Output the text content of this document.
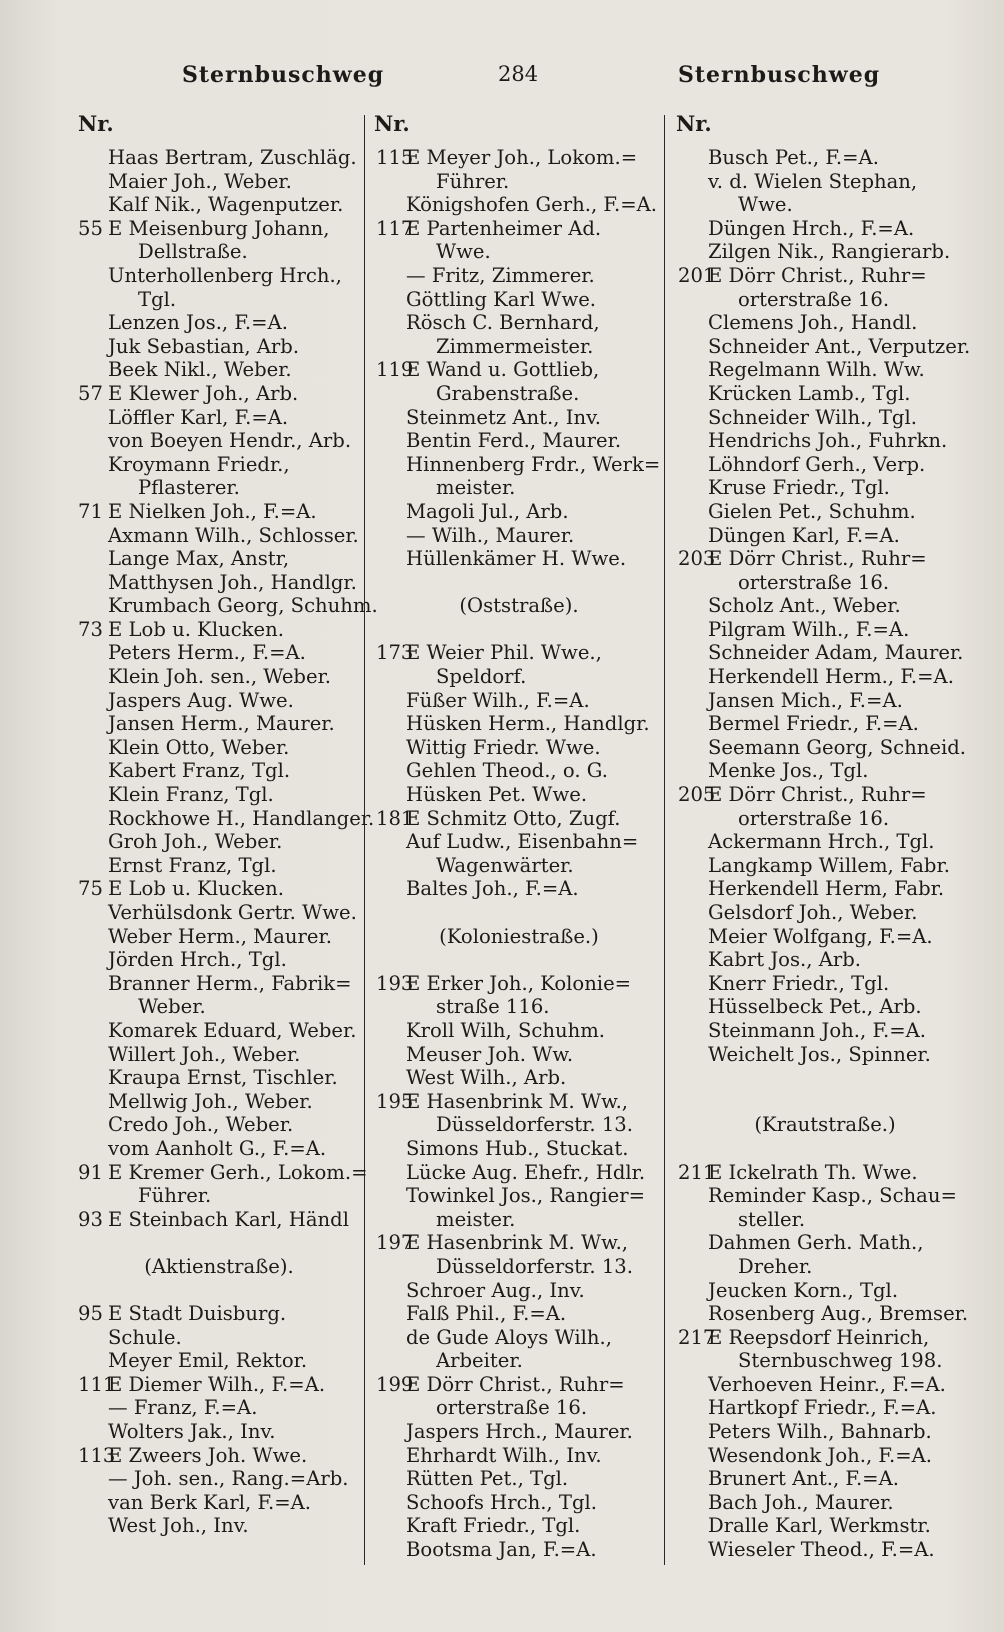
Sternbuschweg	284	Sternbuschweg
Nr.
Haas Bertram, Zuschläg.
Maier Joh., Weber.
Kalf Nik., Wagenputzer.
55 E Meisenburg Johann,
Dellstraße.
Unterhollenberg Hrch.,
Tgl.
Lenzen Jos., F.=A.
Juk Sebastian, Arb.
Beek Nikl., Weber.
57 E Klewer Joh., Arb.
Löffler Karl, F.=A.
von Boeyen Hendr., Arb.
Kroymann Friedr.,
Pflasterer.
71 E Nielken Joh., F.=A.
Axmann Wilh., Schlosser.
Lange Max, Anstr,
Matthysen Joh., Handlgr.
Krumbach Georg, Schuhm.
73 E Lob u. Klucken.
Peters Herm., F.=A.
Klein Joh. sen., Weber.
Jaspers Aug. Wwe.
Jansen Herm., Maurer.
Klein Otto, Weber.
Kabert Franz, Tgl.
Klein Franz, Tgl.
Rockhowe H., Handlanger.
Groh Joh., Weber.
Ernst Franz, Tgl.
75 E Lob u. Klucken.
Verhülsdonk Gertr. Wwe.
Weber Herm., Maurer.
Jörden Hrch., Tgl.
Branner Herm., Fabrik=
Weber.
Komarek Eduard, Weber.
Willert Joh., Weber.
Kraupa Ernst, Tischler.
Mellwig Joh., Weber.
Credo Joh., Weber.
vom Aanholt G., F.=A.
91 E Kremer Gerh., Lokom.=
Führer.
93 E Steinbach Karl, Händl
(Aktienstraße).
95 E Stadt Duisburg.
Schule.
Meyer Emil, Rektor.
111E Diemer Wilh., F.=A.
— Franz, F.=A.
Wolters Jak., Inv.
113E Zweers Joh. Wwe.
— Joh. sen., Rang.=Arb.
van Berk Karl, F.=A.
West Joh., Inv.
Nr.
115E Meyer Joh., Lokom.=
Führer.
Königshofen Gerh., F.=A.
117E Partenheimer Ad.
Wwe.
— Fritz, Zimmerer.
Göttling Karl Wwe.
Rösch C. Bernhard,
Zimmermeister.
119E Wand u. Gottlieb,
Grabenstraße.
Steinmetz Ant., Inv.
Bentin Ferd., Maurer.
Hinnenberg Frdr., Werk=
meister.
Magoli Jul., Arb.
— Wilh., Maurer.
Hüllenkämer H. Wwe.
(Oststraße).
173E Weier Phil. Wwe.,
Speldorf.
Füßer Wilh., F.=A.
Hüsken Herm., Handlgr.
Wittig Friedr. Wwe.
Gehlen Theod., o. G.
Hüsken Pet. Wwe.
181E Schmitz Otto, Zugf.
Auf Ludw., Eisenbahn=
Wagenwärter.
Baltes Joh., F.=A.
(Koloniestraße.)
193E Erker Joh., Kolonie=
straße 116.
Kroll Wilh, Schuhm.
Meuser Joh. Ww.
West Wilh., Arb.
195E Hasenbrink M. Ww.,
Düsseldorferstr. 13.
Simons Hub., Stuckat.
Lücke Aug. Ehefr., Hdlr.
Towinkel Jos., Rangier=
meister.
197E Hasenbrink M. Ww.,
Düsseldorferstr. 13.
Schroer Aug., Inv.
Falß Phil., F.=A.
de Gude Aloys Wilh.,
Arbeiter.
199E Dörr Christ., Ruhr=
orterstraße 16.
Jaspers Hrch., Maurer.
Ehrhardt Wilh., Inv.
Rütten Pet., Tgl.
Schoofs Hrch., Tgl.
Kraft Friedr., Tgl.
Bootsma Jan, F.=A.
Nr.
Busch Pet., F.=A.
v. d. Wielen Stephan,
Wwe.
Düngen Hrch., F.=A.
Zilgen Nik., Rangierarb.
201E Dörr Christ., Ruhr=
orterstraße 16.
Clemens Joh., Handl.
Schneider Ant., Verputzer.
Regelmann Wilh. Ww.
Krücken Lamb., Tgl.
Schneider Wilh., Tgl.
Hendrichs Joh., Fuhrkn.
Löhndorf Gerh., Verp.
Kruse Friedr., Tgl.
Gielen Pet., Schuhm.
Düngen Karl, F.=A.
203E Dörr Christ., Ruhr=
orterstraße 16.
Scholz Ant., Weber.
Pilgram Wilh., F.=A.
Schneider Adam, Maurer.
Herkendell Herm., F.=A.
Jansen Mich., F.=A.
Bermel Friedr., F.=A.
Seemann Georg, Schneid.
Menke Jos., Tgl.
205E Dörr Christ., Ruhr=
orterstraße 16.
Ackermann Hrch., Tgl.
Langkamp Willem, Fabr.
Herkendell Herm, Fabr.
Gelsdorf Joh., Weber.
Meier Wolfgang, F.=A.
Kabrt Jos., Arb.
Knerr Friedr., Tgl.
Hüsselbeck Pet., Arb.
Steinmann Joh., F.=A.
Weichelt Jos., Spinner.
(Krautstraße.)
211E Ickelrath Th. Wwe.
Reminder Kasp., Schau=
steller.
Dahmen Gerh. Math.,
Dreher.
Jeucken Korn., Tgl.
Rosenberg Aug., Bremser.
217E Reepsdorf Heinrich,
Sternbuschweg 198.
Verhoeven Heinr., F.=A.
Hartkopf Friedr., F.=A.
Peters Wilh., Bahnarb.
Wesendonk Joh., F.=A.
Brunert Ant., F.=A.
Bach Joh., Maurer.
Dralle Karl, Werkmstr.
Wieseler Theod., F.=A.
